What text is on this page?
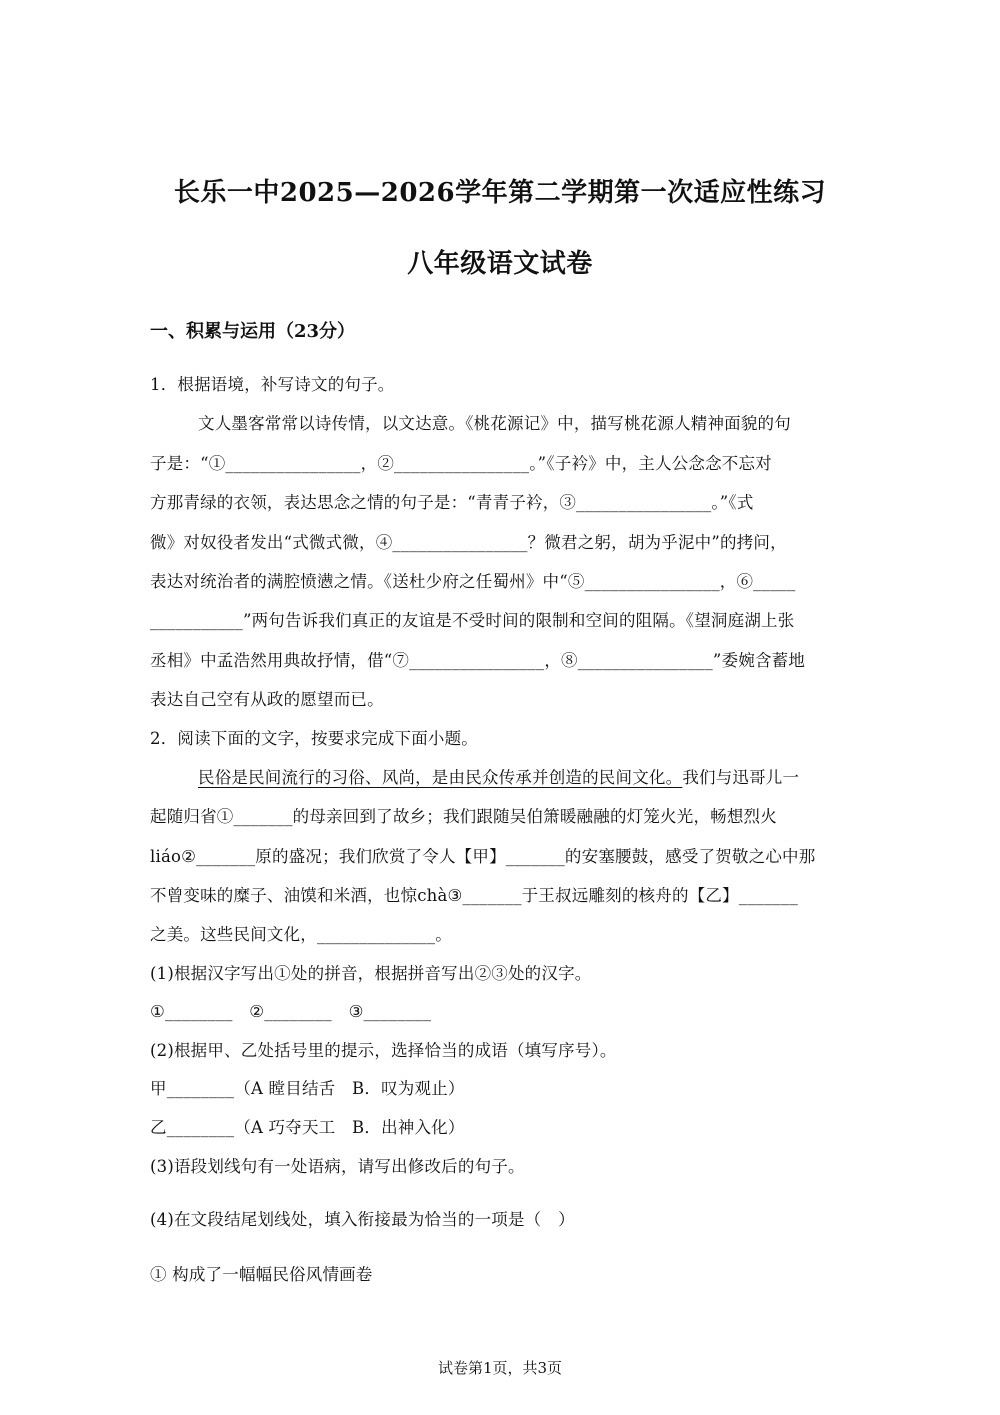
长乐一中2025—2026学年第二学期第一次适应性练习
八年级语文试卷
一、积累与运用（23分）
1．根据语境，补写诗文的句子。
文人墨客常常以诗传情，以文达意。《桃花源记》中，描写桃花源人精神面貌的句
子是：“①________________，②________________。”《子衿》中，主人公念念不忘对
方那青绿的衣领，表达思念之情的句子是：“青青子衿，③________________。”《式
微》对奴役者发出“式微式微，④________________？微君之躬，胡为乎泥中”的拷问，
表达对统治者的满腔愤懑之情。《送杜少府之任蜀州》中“⑤________________，⑥_____
___________”两句告诉我们真正的友谊是不受时间的限制和空间的阻隔。《望洞庭湖上张
丞相》中孟浩然用典故抒情，借“⑦________________，⑧________________”委婉含蓄地
表达自己空有从政的愿望而已。
2．阅读下面的文字，按要求完成下面小题。
民俗是民间流行的习俗、风尚，是由民众传承并创造的民间文化。我们与迅哥儿一
起随归省①_______的母亲回到了故乡；我们跟随吴伯箫暖融融的灯笼火光，畅想烈火
liáo②_______原的盛况；我们欣赏了令人【甲】_______的安塞腰鼓，感受了贺敬之心中那
不曾变味的糜子、油馍和米酒，也惊chà③_______于王叔远雕刻的核舟的【乙】_______
之美。这些民间文化，______________。
(1)根据汉字写出①处的拼音，根据拼音写出②③处的汉字。
①________　②________　③________
(2)根据甲、乙处括号里的提示，选择恰当的成语（填写序号）。
甲________（A 瞠目结舌　B．叹为观止）
乙________（A 巧夺天工　B．出神入化）
(3)语段划线句有一处语病，请写出修改后的句子。
(4)在文段结尾划线处，填入衔接最为恰当的一项是（　）
① 构成了一幅幅民俗风情画卷
试卷第1页，共3页
